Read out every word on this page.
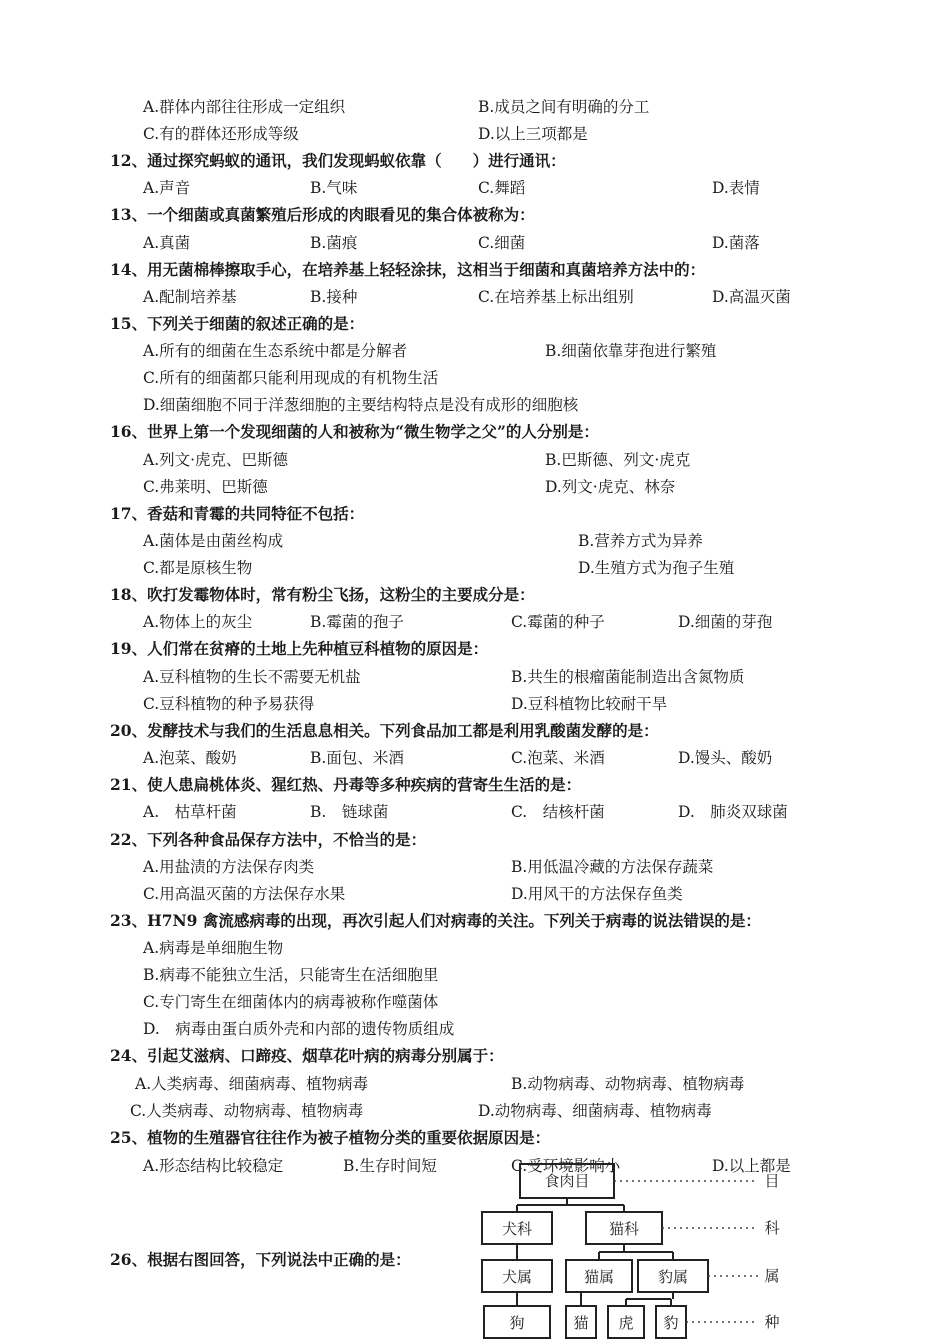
A.群体内部往往形成一定组织	B.成员之间有明确的分工
C.有的群体还形成等级	D.以上三项都是
12、通过探究蚂蚁的通讯，我们发现蚂蚁依靠（　　）进行通讯：
A.声音	B.气味	C.舞蹈	D.表情
13、一个细菌或真菌繁殖后形成的肉眼看见的集合体被称为：
A.真菌	B.菌痕	C.细菌	D.菌落
14、用无菌棉棒擦取手心，在培养基上轻轻涂抹，这相当于细菌和真菌培养方法中的：
A.配制培养基	B.接种	C.在培养基上标出组别	D.高温灭菌
15、下列关于细菌的叙述正确的是：
A.所有的细菌在生态系统中都是分解者	B.细菌依靠芽孢进行繁殖
C.所有的细菌都只能利用现成的有机物生活
D.细菌细胞不同于洋葱细胞的主要结构特点是没有成形的细胞核
16、世界上第一个发现细菌的人和被称为“微生物学之父”的人分别是：
A.列文·虎克、巴斯德	B.巴斯德、列文·虎克
C.弗莱明、巴斯德	D.列文·虎克、林奈
17、香菇和青霉的共同特征不包括：
A.菌体是由菌丝构成	B.营养方式为异养
C.都是原核生物	D.生殖方式为孢子生殖
18、吹打发霉物体时，常有粉尘飞扬，这粉尘的主要成分是：
A.物体上的灰尘	B.霉菌的孢子	C.霉菌的种子	D.细菌的芽孢
19、人们常在贫瘠的土地上先种植豆科植物的原因是：
A.豆科植物的生长不需要无机盐	B.共生的根瘤菌能制造出含氮物质
C.豆科植物的种予易获得	D.豆科植物比较耐干旱
20、发酵技术与我们的生活息息相关。下列食品加工都是利用乳酸菌发酵的是：
A.泡菜、酸奶	B.面包、米酒	C.泡菜、米酒	D.馒头、酸奶
21、使人患扁桃体炎、猩红热、丹毒等多种疾病的营寄生生活的是：
A.　枯草杆菌	B.　链球菌	C.　结核杆菌	D.　肺炎双球菌
22、下列各种食品保存方法中，不恰当的是：
A.用盐渍的方法保存肉类	B.用低温冷藏的方法保存蔬菜
C.用高温灭菌的方法保存水果	D.用风干的方法保存鱼类
23、H7N9 禽流感病毒的出现，再次引起人们对病毒的关注。下列关于病毒的说法错误的是：
A.病毒是单细胞生物
B.病毒不能独立生活，只能寄生在活细胞里
C.专门寄生在细菌体内的病毒被称作噬菌体
D.　病毒由蛋白质外壳和内部的遗传物质组成
24、引起艾滋病、口蹄疫、烟草花叶病的病毒分别属于：
A.人类病毒、细菌病毒、植物病毒	B.动物病毒、动物病毒、植物病毒
C.人类病毒、动物病毒、植物病毒	D.动物病毒、细菌病毒、植物病毒
25、植物的生殖器官往往作为被子植物分类的重要依据原因是：
A.形态结构比较稳定	B.生存时间短	C.受环境影响小	D.以上都是
26、根据右图回答，下列说法中正确的是：
食肉目
犬科	猫科
犬属	猫属	豹属
狗	猫 虎 豹
目
科
属
种
